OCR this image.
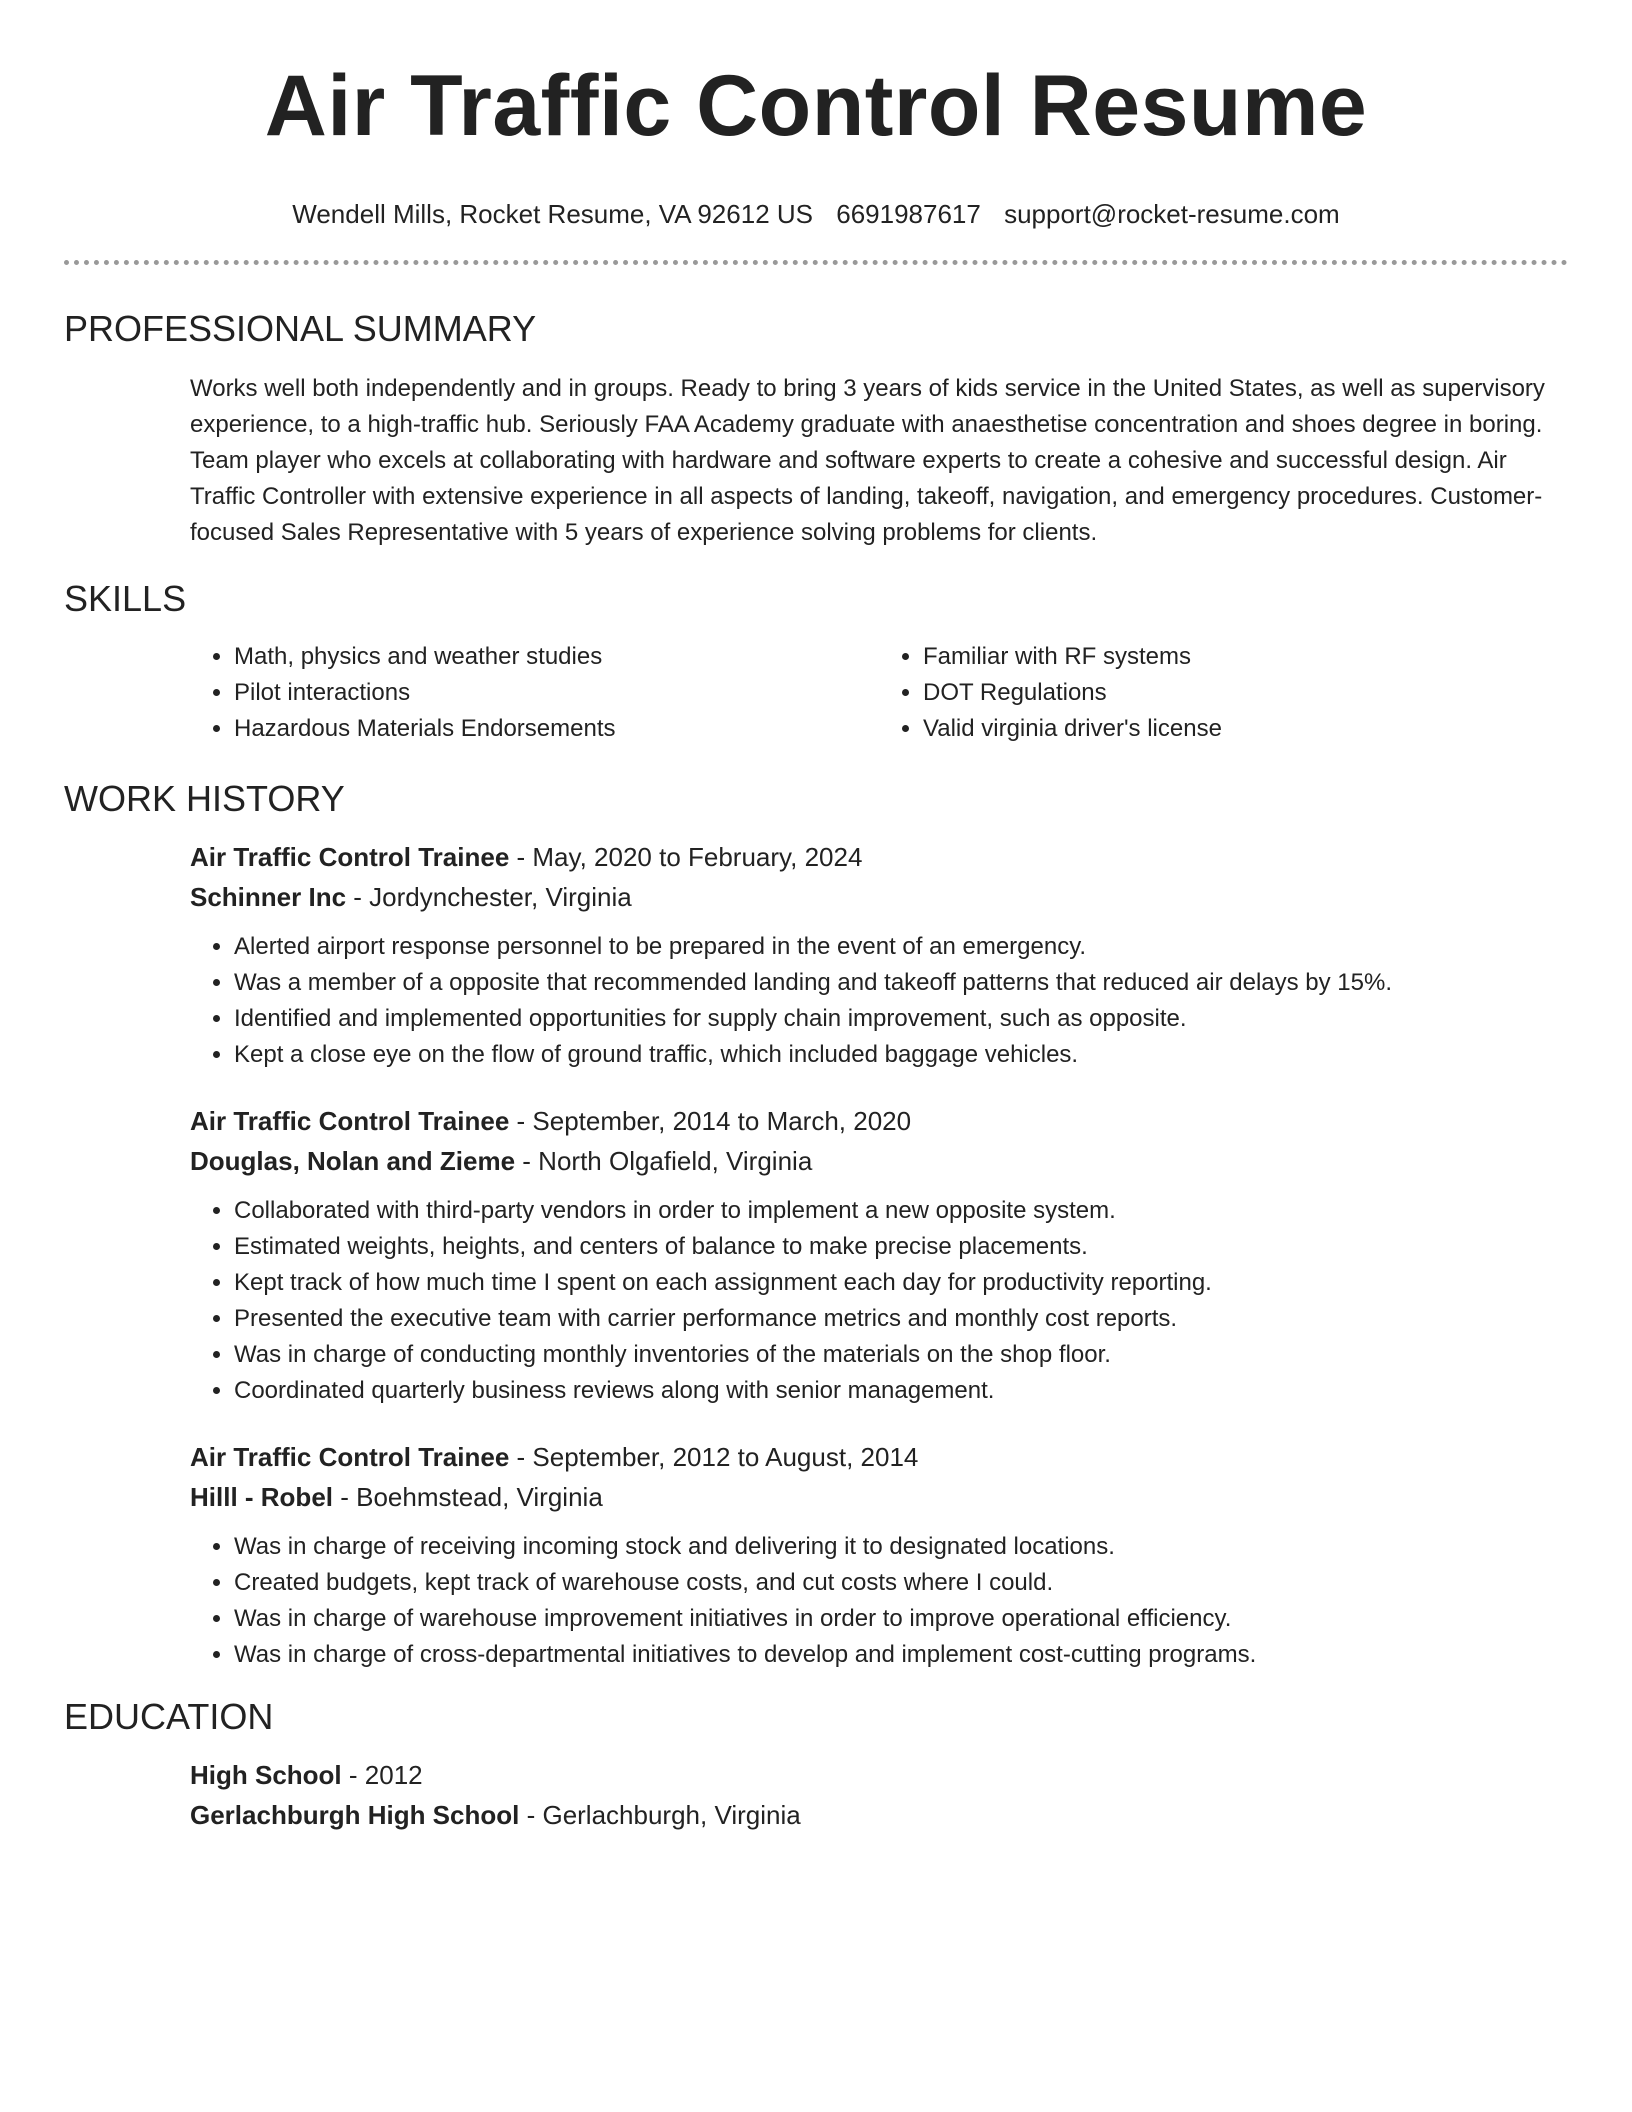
Air Traffic Control Resume
Wendell Mills, Rocket Resume, VA 92612 US 6691987617 support@rocket-resume.com
PROFESSIONAL SUMMARY

Works well both independently and in groups. Ready to bring 3 years of kids service in the United States, as well as supervisory experience, to a high-traffic hub. Seriously FAA Academy graduate with anaesthetise concentration and shoes degree in boring. Team player who excels at collaborating with hardware and software experts to create a cohesive and successful design. Air Traffic Controller with extensive experience in all aspects of landing, takeoff, navigation, and emergency procedures. Customer-focused Sales Representative with 5 years of experience solving problems for clients.

SKILLS
• Math, physics and weather studies
• Pilot interactions
• Hazardous Materials Endorsements
• Familiar with RF systems
• DOT Regulations
• Valid virginia driver's license
WORK HISTORY
Air Traffic Control Trainee - May, 2020 to February, 2024
Schinner Inc - Jordynchester, Virginia
• Alerted airport response personnel to be prepared in the event of an emergency.
• Was a member of a opposite that recommended landing and takeoff patterns that reduced air delays by 15%.
• Identified and implemented opportunities for supply chain improvement, such as opposite.
• Kept a close eye on the flow of ground traffic, which included baggage vehicles.
Air Traffic Control Trainee - September, 2014 to March, 2020
Douglas, Nolan and Zieme - North Olgafield, Virginia
• Collaborated with third-party vendors in order to implement a new opposite system.
• Estimated weights, heights, and centers of balance to make precise placements.
• Kept track of how much time I spent on each assignment each day for productivity reporting.
• Presented the executive team with carrier performance metrics and monthly cost reports.
• Was in charge of conducting monthly inventories of the materials on the shop floor.
• Coordinated quarterly business reviews along with senior management.
Air Traffic Control Trainee - September, 2012 to August, 2014
Hilll - Robel - Boehmstead, Virginia
• Was in charge of receiving incoming stock and delivering it to designated locations.
• Created budgets, kept track of warehouse costs, and cut costs where I could.
• Was in charge of warehouse improvement initiatives in order to improve operational efficiency.
• Was in charge of cross-departmental initiatives to develop and implement cost-cutting programs.
EDUCATION
High School - 2012
Gerlachburgh High School - Gerlachburgh, Virginia
